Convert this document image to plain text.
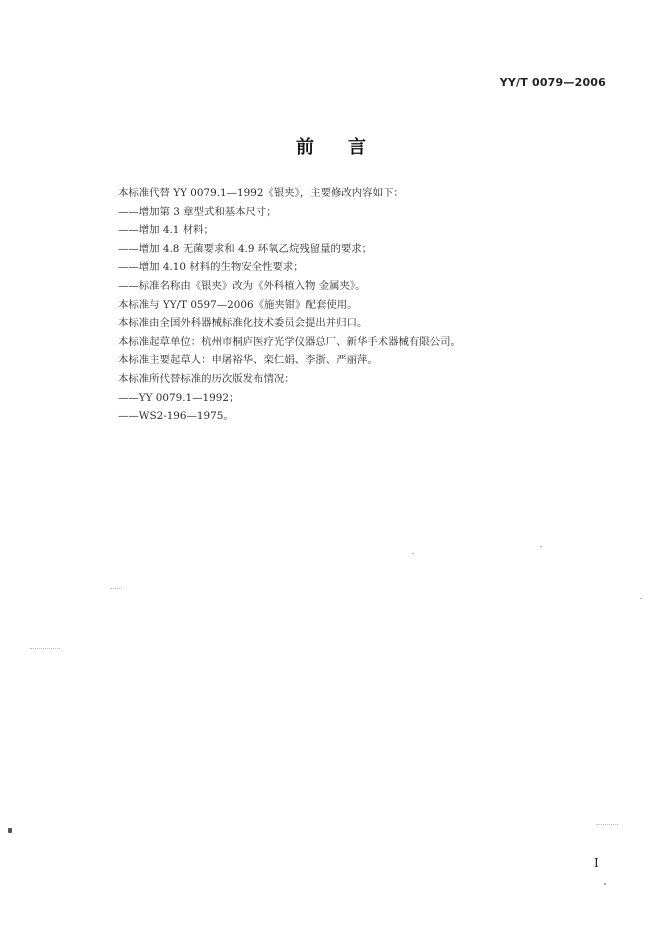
YY/T 0079—2006
前言
本标准代替 YY 0079.1—1992《银夹》，主要修改内容如下：
——增加第 3 章型式和基本尺寸；
——增加 4.1 材料；
——增加 4.8 无菌要求和 4.9 环氧乙烷残留量的要求；
——增加 4.10 材料的生物安全性要求；
——标准名称由《银夹》改为《外科植入物 金属夹》。
本标准与 YY/T 0597—2006《施夹钳》配套使用。
本标准由全国外科器械标准化技术委员会提出并归口。
本标准起草单位：杭州市桐庐医疗光学仪器总厂、新华手术器械有限公司。
本标准主要起草人：申屠裕华、栾仁娟、李浙、严丽萍。
本标准所代替标准的历次版发布情况：
——YY 0079.1—1992；
——WS2-196—1975。
I
